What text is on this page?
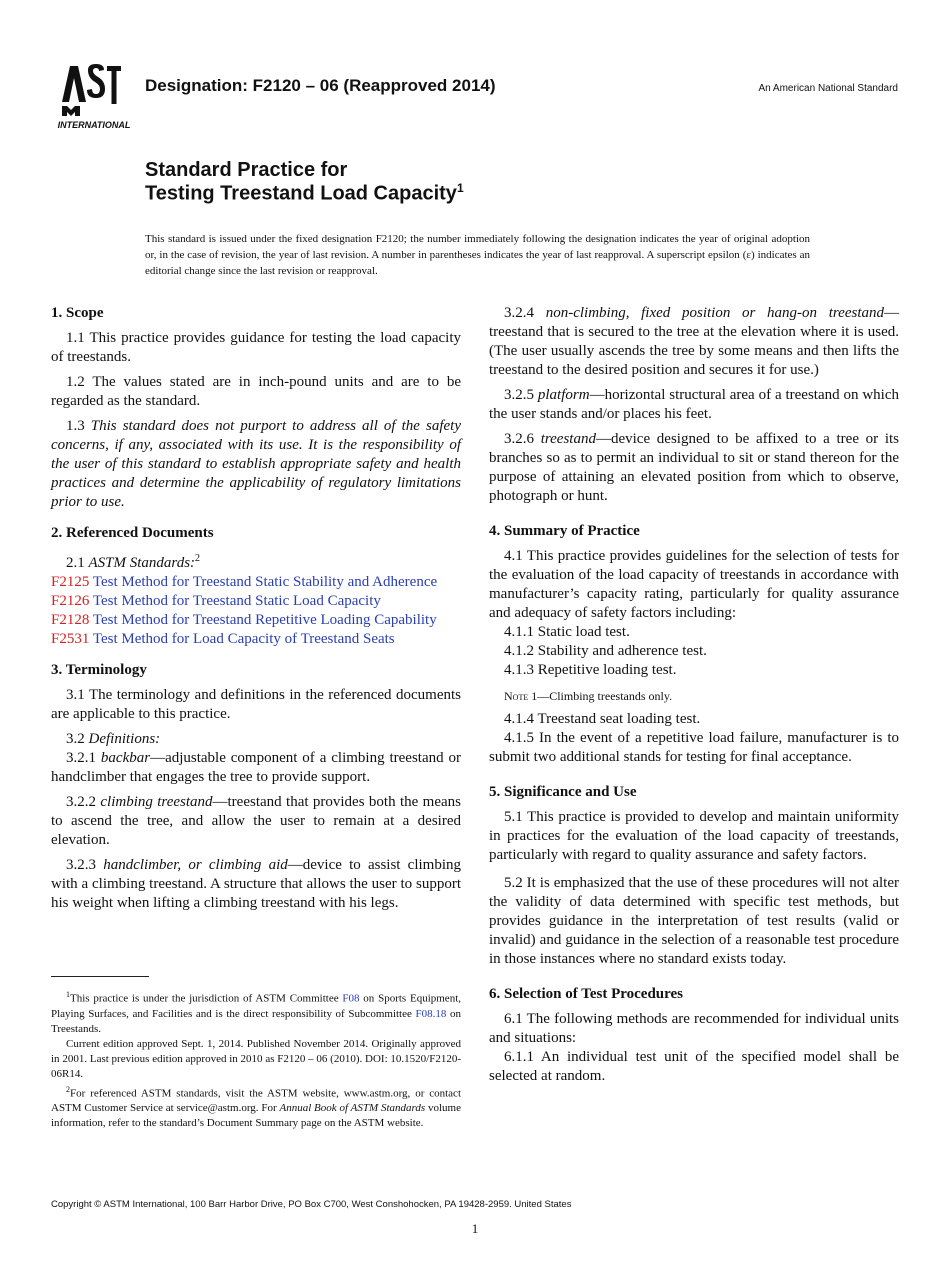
INTERNATIONAL
ASTM
Designation: F2120 – 06 (Reapproved 2014)	An American National Standard
Standard Practice for
Testing Treestand Load Capacity$^1$
This standard is issued under the fixed designation F2120; the number immediately following the designation indicates the year of original adoption or, in the case of revision, the year of last revision. A number in parentheses indicates the year of last reapproval. A superscript epsilon (ε) indicates an editorial change since the last revision or reapproval.

1. Scope

1.1 This practice provides guidance for testing the load capacity of treestands.

1.2 The values stated are in inch-pound units and are to be regarded as the standard.

1.3 This standard does not purport to address all of the safety concerns, if any, associated with its use. It is the responsibility of the user of this standard to establish appropriate safety and health practices and determine the applicability of regulatory limitations prior to use.

2. Referenced Documents

2.1 ASTM Standards:$^2$

F2125 Test Method for Treestand Static Stability and Adherence

F2126 Test Method for Treestand Static Load Capacity

F2128 Test Method for Treestand Repetitive Loading Capability

F2531 Test Method for Load Capacity of Treestand Seats

3. Terminology

3.1 The terminology and definitions in the referenced documents are applicable to this practice.

3.2 Definitions:

3.2.1 backbar—adjustable component of a climbing treestand or handclimber that engages the tree to provide support.

3.2.2 climbing treestand—treestand that provides both the means to ascend the tree, and allow the user to remain at a desired elevation.

3.2.3 handclimber, or climbing aid—device to assist climbing with a climbing treestand. A structure that allows the user to support his weight when lifting a climbing treestand with his legs.

3.2.4 non-climbing, fixed position or hang-on treestand—treestand that is secured to the tree at the elevation where it is used. (The user usually ascends the tree by some means and then lifts the treestand to the desired position and secures it for use.)

3.2.5 platform—horizontal structural area of a treestand on which the user stands and/or places his feet.

3.2.6 treestand—device designed to be affixed to a tree or its branches so as to permit an individual to sit or stand thereon for the purpose of attaining an elevated position from which to observe, photograph or hunt.

4. Summary of Practice

4.1 This practice provides guidelines for the selection of tests for the evaluation of the load capacity of treestands in accordance with manufacturer’s capacity rating, particularly for quality assurance and adequacy of safety factors including:

4.1.1 Static load test.

4.1.2 Stability and adherence test.

4.1.3 Repetitive loading test.

Note 1—Climbing treestands only.

4.1.4 Treestand seat loading test.

4.1.5 In the event of a repetitive load failure, manufacturer is to submit two additional stands for testing for final acceptance.

5. Significance and Use

5.1 This practice is provided to develop and maintain uniformity in practices for the evaluation of the load capacity of treestands, particularly with regard to quality assurance and safety factors.

5.2 It is emphasized that the use of these procedures will not alter the validity of data determined with specific test methods, but provides guidance in the interpretation of test results (valid or invalid) and guidance in the selection of a reasonable test procedure in those instances where no standard exists today.

6. Selection of Test Procedures

6.1 The following methods are recommended for individual units and situations:

6.1.1 An individual test unit of the specified model shall be selected at random.

$^1$This practice is under the jurisdiction of ASTM Committee F08 on Sports Equipment, Playing Surfaces, and Facilities and is the direct responsibility of Subcommittee F08.18 on Treestands.

Current edition approved Sept. 1, 2014. Published November 2014. Originally approved in 2001. Last previous edition approved in 2010 as F2120 – 06 (2010). DOI: 10.1520/F2120-06R14.

$^2$For referenced ASTM standards, visit the ASTM website, www.astm.org, or contact ASTM Customer Service at service@astm.org. For Annual Book of ASTM Standards volume information, refer to the standard’s Document Summary page on the ASTM website.

Copyright © ASTM International, 100 Barr Harbor Drive, PO Box C700, West Conshohocken, PA 19428-2959. United States
1
